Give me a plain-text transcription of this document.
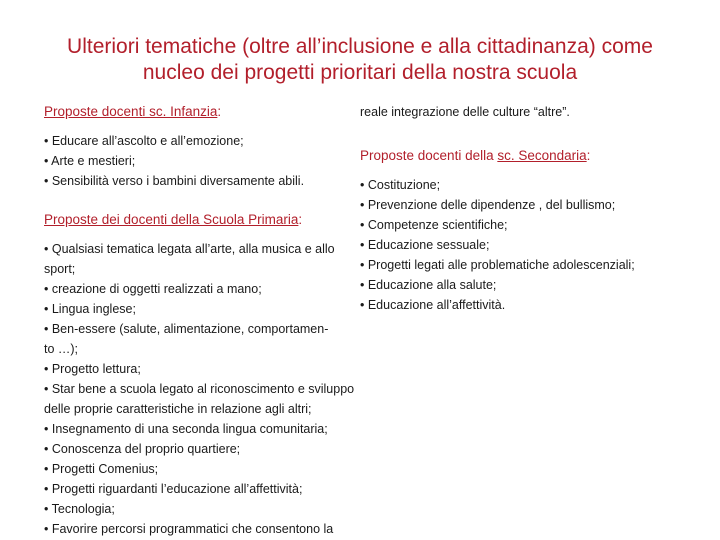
Ulteriori tematiche (oltre all’inclusione e alla cittadinanza) come
nucleo dei progetti prioritari della nostra scuola
Proposte docenti sc. Infanzia:
• Educare all’ascolto e all’emozione;
• Arte e mestieri;
• Sensibilità verso i bambini diversamente abili.
Proposte dei docenti della Scuola Primaria:
• Qualsiasi tematica legata all’arte, alla musica e allo
sport;
• creazione di oggetti realizzati a mano;
• Lingua inglese;
• Ben-essere (salute, alimentazione, comportamen-
to …);
• Progetto lettura;
• Star bene a scuola legato al riconoscimento e sviluppo
delle proprie caratteristiche in relazione agli altri;
• Insegnamento di una seconda lingua comunitaria;
• Conoscenza del proprio quartiere;
• Progetti Comenius;
• Progetti riguardanti l’educazione all’affettività;
• Tecnologia;
• Favorire percorsi programmatici che consentono la
reale integrazione delle culture “altre”.
Proposte docenti della sc. Secondaria:
• Costituzione;
• Prevenzione delle dipendenze , del bullismo;
• Competenze scientifiche;
• Educazione sessuale;
• Progetti legati alle problematiche adolescenziali;
• Educazione alla salute;
• Educazione all’affettività.
